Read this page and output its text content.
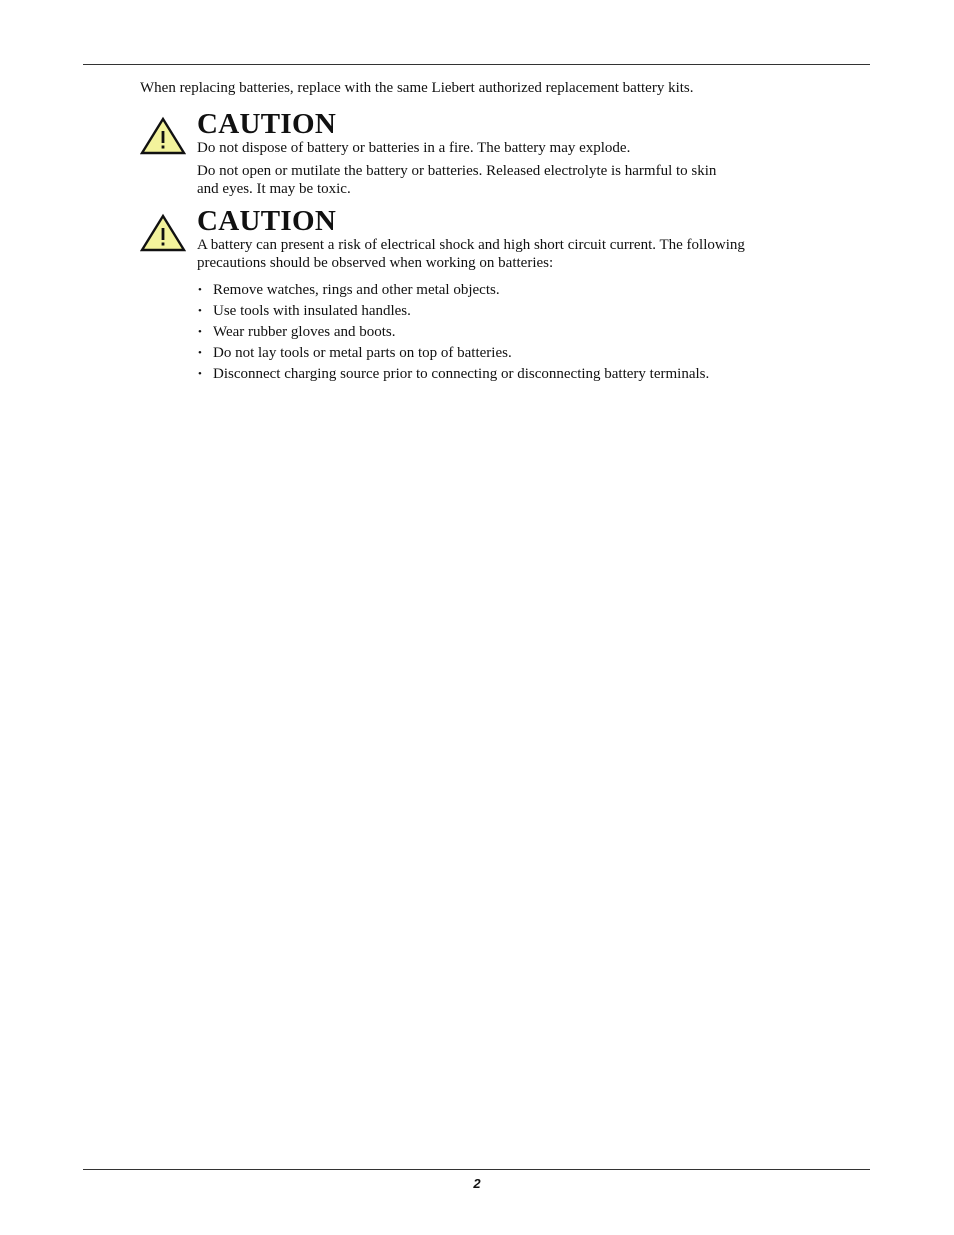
When replacing batteries, replace with the same Liebert authorized replacement battery kits.

CAUTION

Do not dispose of battery or batteries in a fire. The battery may explode.

Do not open or mutilate the battery or batteries. Released electrolyte is harmful to skin and eyes. It may be toxic.

CAUTION

A battery can present a risk of electrical shock and high short circuit current. The following precautions should be observed when working on batteries:

• Remove watches, rings and other metal objects.
• Use tools with insulated handles.
• Wear rubber gloves and boots.
• Do not lay tools or metal parts on top of batteries.
• Disconnect charging source prior to connecting or disconnecting battery terminals.
2
